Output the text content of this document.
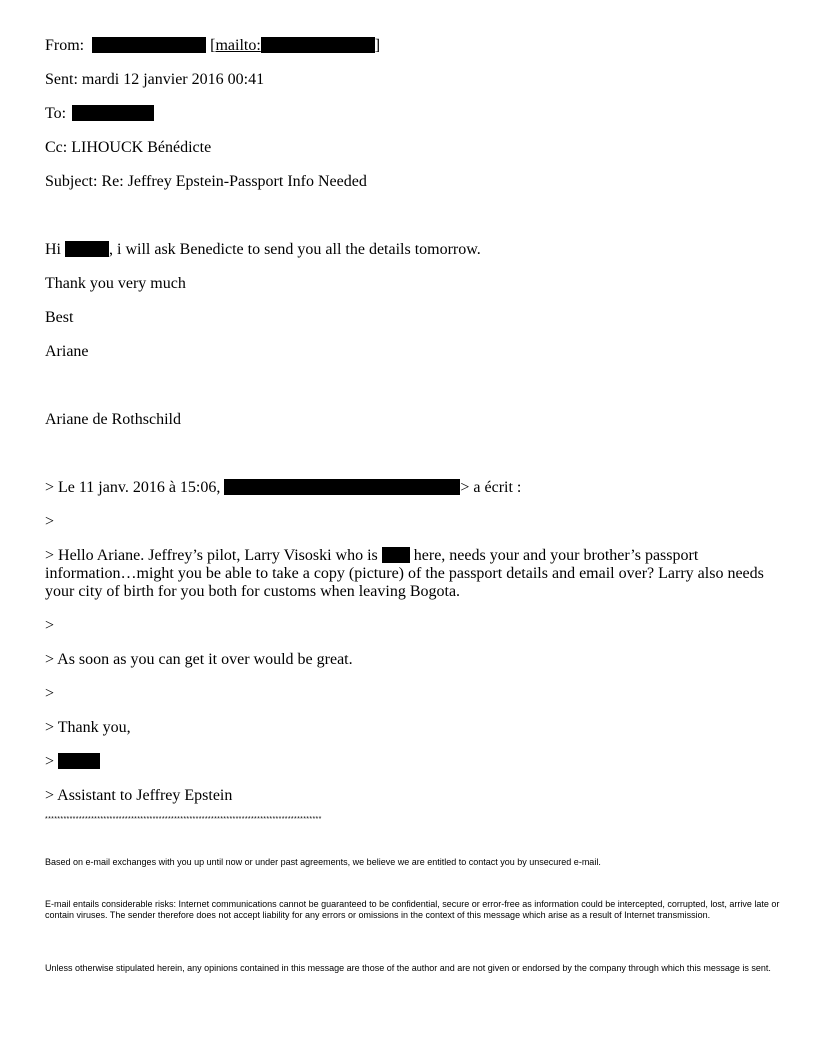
From:	[mailto:	]
Sent: mardi 12 janvier 2016 00:41
To:
Cc: LIHOUCK Bénédicte
Subject: Re: Jeffrey Epstein-Passport Info Needed
Hi	, i will ask Benedicte to send you all the details tomorrow.
Thank you very much
Best
Ariane
Ariane de Rothschild
> Le 11 janv. 2016 à 15:06,	> a écrit :
>
> Hello Ariane. Jeffrey’s pilot, Larry Visoski who is  here, needs your and your brother’s passport information…might you be able to take a copy (picture) of the passport details and email over? Larry also needs your city of birth for you both for customs when leaving Bogota.
>
> As soon as you can get it over would be great.
>
> Thank you,
>
> Assistant to Jeffrey Epstein
******************************************************************************************
Based on e-mail exchanges with you up until now or under past agreements, we believe we are entitled to contact you by unsecured e-mail.
E-mail entails considerable risks: Internet communications cannot be guaranteed to be confidential, secure or error-free as information could be intercepted, corrupted, lost, arrive late or contain viruses. The sender therefore does not accept liability for any errors or omissions in the context of this message which arise as a result of Internet transmission.
Unless otherwise stipulated herein, any opinions contained in this message are those of the author and are not given or endorsed by the company through which this message is sent.
